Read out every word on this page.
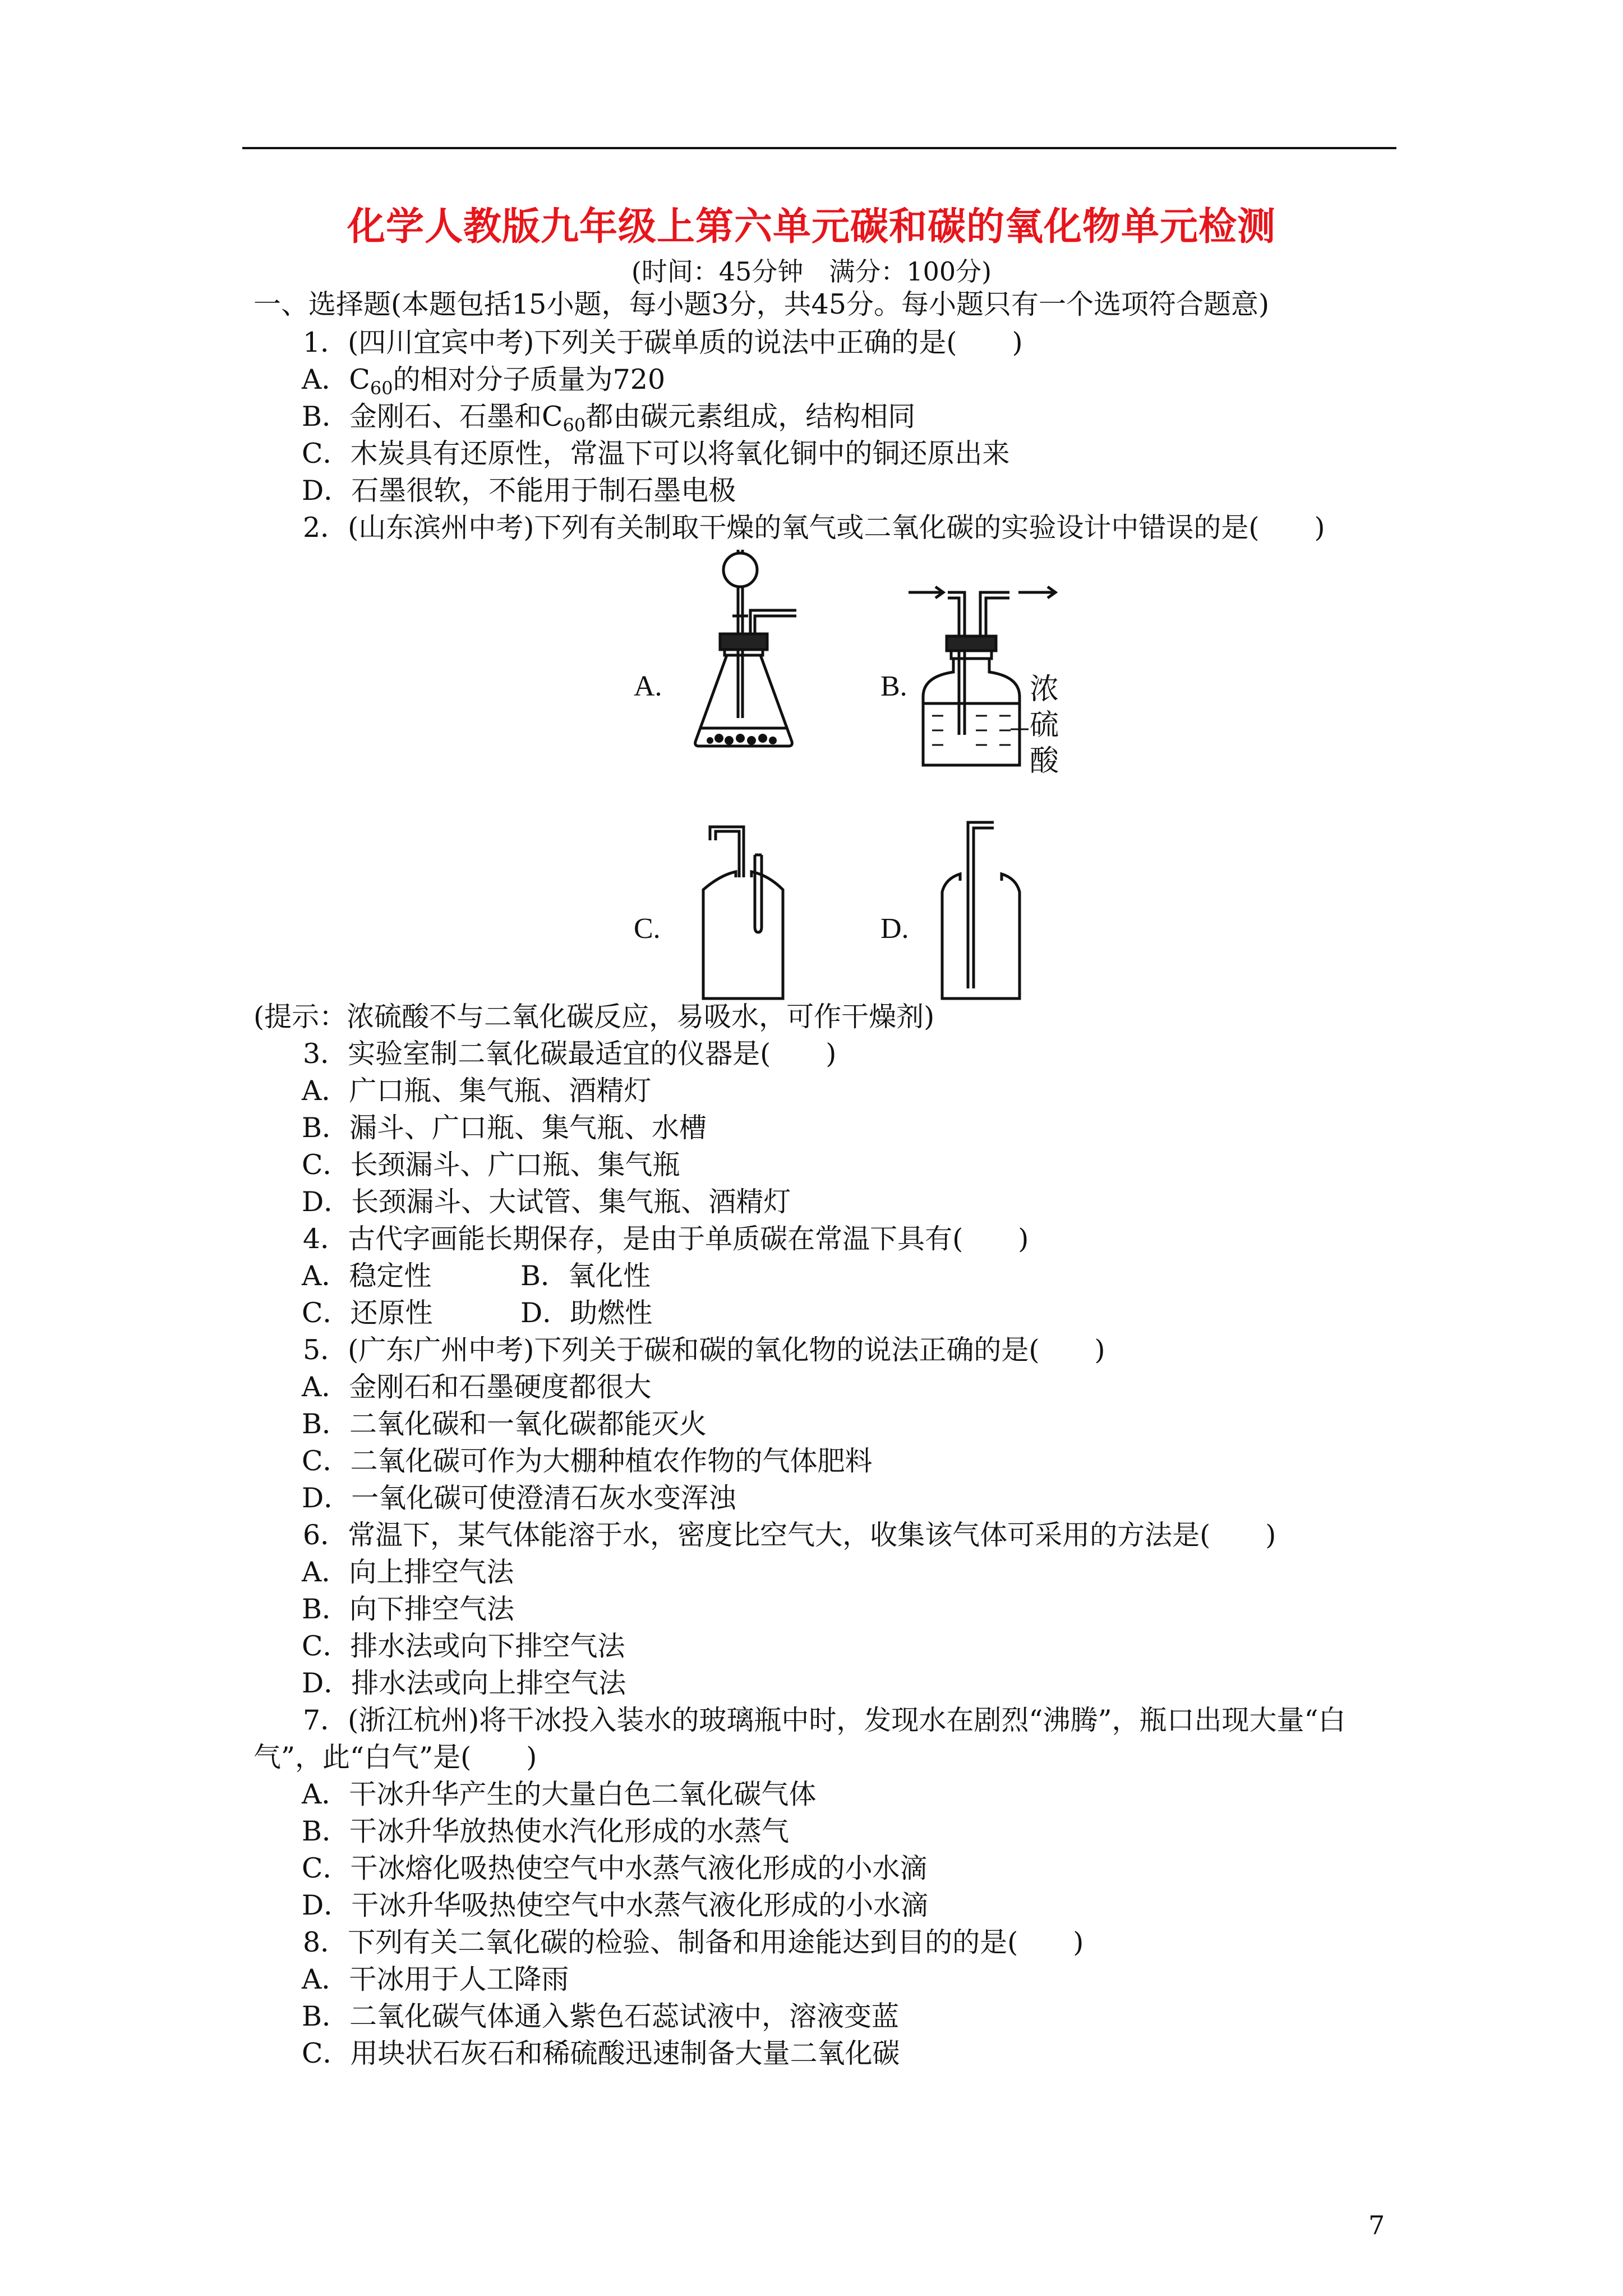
化学人教版九年级上第六单元碳和碳的氧化物单元检测
(时间：45分钟　满分：100分)
一、选择题(本题包括15小题，每小题3分，共45分。每小题只有一个选项符合题意)
1．(四川宜宾中考)下列关于碳单质的说法中正确的是(　　)
A．$C_{60}$的相对分子质量为720
B．金刚石、石墨和$C_{60}$都由碳元素组成，结构相同
C．木炭具有还原性，常温下可以将氧化铜中的铜还原出来
D．石墨很软，不能用于制石墨电极
2．(山东滨州中考)下列有关制取干燥的氧气或二氧化碳的实验设计中错误的是(　　)
A.	B.	浓
硫
酸
C.	D.
(提示：浓硫酸不与二氧化碳反应，易吸水，可作干燥剂)
3．实验室制二氧化碳最适宜的仪器是(　　)
A．广口瓶、集气瓶、酒精灯
B．漏斗、广口瓶、集气瓶、水槽
C．长颈漏斗、广口瓶、集气瓶
D．长颈漏斗、大试管、集气瓶、酒精灯
4．古代字画能长期保存，是由于单质碳在常温下具有(　　)
A．稳定性	B．氧化性
C．还原性	D．助燃性
5．(广东广州中考)下列关于碳和碳的氧化物的说法正确的是(　　)
A．金刚石和石墨硬度都很大
B．二氧化碳和一氧化碳都能灭火
C．二氧化碳可作为大棚种植农作物的气体肥料
D．一氧化碳可使澄清石灰水变浑浊
6．常温下，某气体能溶于水，密度比空气大，收集该气体可采用的方法是(　　)
A．向上排空气法
B．向下排空气法
C．排水法或向下排空气法
D．排水法或向上排空气法
7．(浙江杭州)将干冰投入装水的玻璃瓶中时，发现水在剧烈“沸腾”，瓶口出现大量“白
气”，此“白气”是(　　)
A．干冰升华产生的大量白色二氧化碳气体
B．干冰升华放热使水汽化形成的水蒸气
C．干冰熔化吸热使空气中水蒸气液化形成的小水滴
D．干冰升华吸热使空气中水蒸气液化形成的小水滴
8．下列有关二氧化碳的检验、制备和用途能达到目的的是(　　)
A．干冰用于人工降雨
B．二氧化碳气体通入紫色石蕊试液中，溶液变蓝
C．用块状石灰石和稀硫酸迅速制备大量二氧化碳
7
